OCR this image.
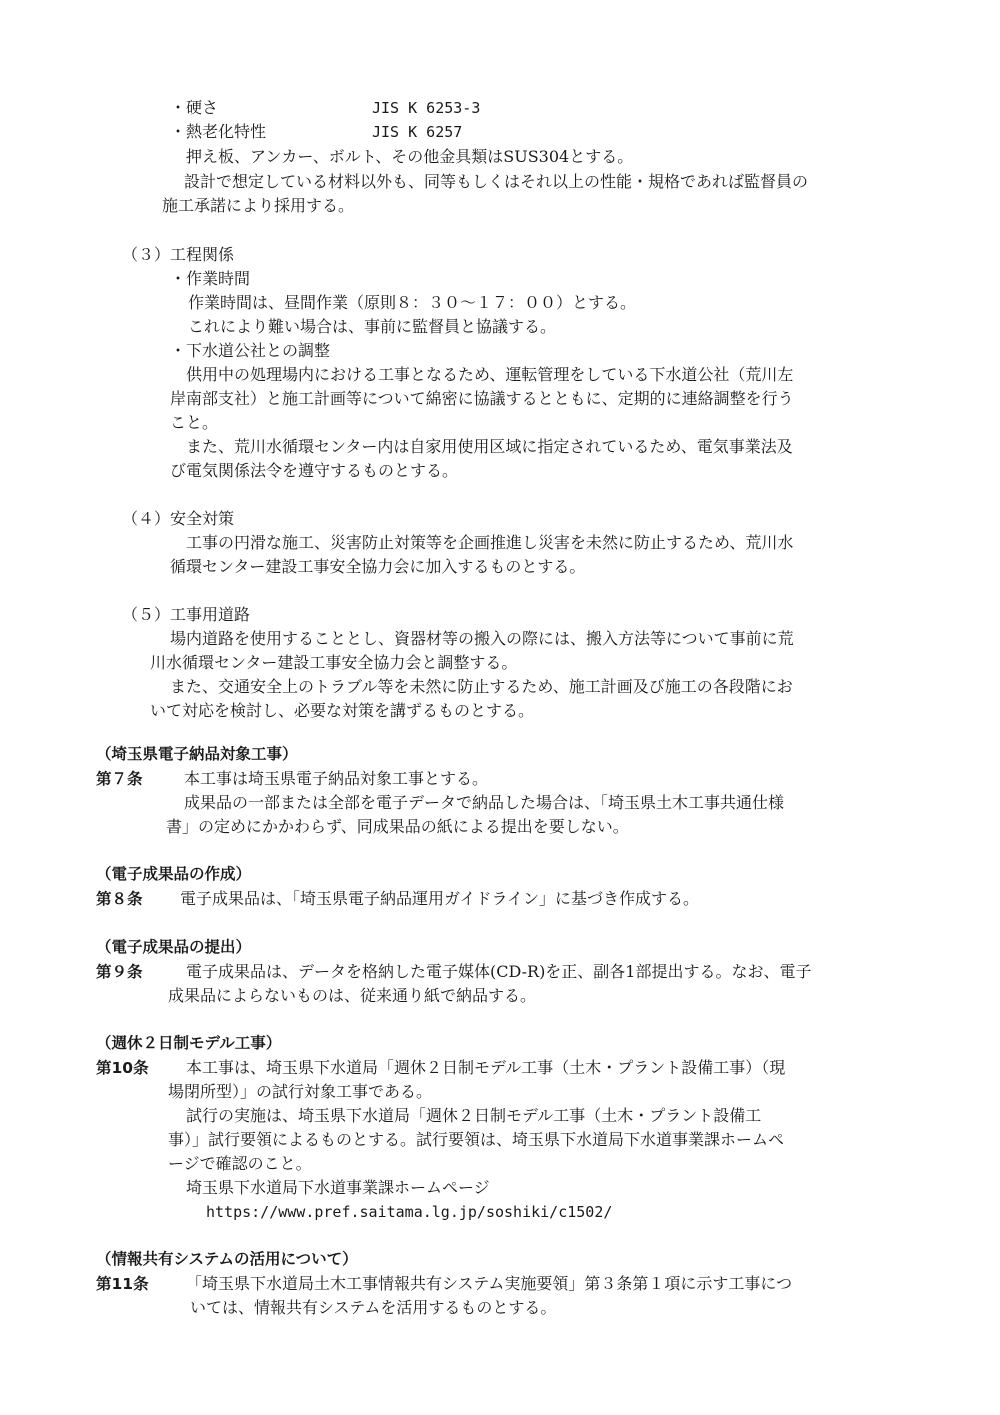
・硬さ	JIS K 6253-3
・熱老化特性	JIS K 6257
押え板、アンカー、ボルト、その他金具類はSUS304とする。
設計で想定している材料以外も、同等もしくはそれ以上の性能・規格であれば監督員の
施工承諾により採用する。
（３）工程関係
・作業時間
作業時間は、昼間作業（原則８：３０～１７：００）とする。
これにより難い場合は、事前に監督員と協議する。
・下水道公社との調整
供用中の処理場内における工事となるため、運転管理をしている下水道公社（荒川左
岸南部支社）と施工計画等について綿密に協議するとともに、定期的に連絡調整を行う
こと。
また、荒川水循環センター内は自家用使用区域に指定されているため、電気事業法及
び電気関係法令を遵守するものとする。
（４）安全対策
工事の円滑な施工、災害防止対策等を企画推進し災害を未然に防止するため、荒川水
循環センター建設工事安全協力会に加入するものとする。
（５）工事用道路
場内道路を使用することとし、資器材等の搬入の際には、搬入方法等について事前に荒
川水循環センター建設工事安全協力会と調整する。
また、交通安全上のトラブル等を未然に防止するため、施工計画及び施工の各段階にお
いて対応を検討し、必要な対策を講ずるものとする。
（埼玉県電子納品対象工事）
第７条	本工事は埼玉県電子納品対象工事とする。
成果品の一部または全部を電子データで納品した場合は、「埼玉県土木工事共通仕様
書」の定めにかかわらず、同成果品の紙による提出を要しない。
（電子成果品の作成）
第８条 電子成果品は、「埼玉県電子納品運用ガイドライン」に基づき作成する。
（電子成果品の提出）
第９条	電子成果品は、データを格納した電子媒体(CD-R)を正、副各1部提出する。なお、電子
成果品によらないものは、従来通り紙で納品する。
（週休２日制モデル工事）
第10条 本工事は、埼玉県下水道局「週休２日制モデル工事（土木・プラント設備工事）（現
場閉所型）」の試行対象工事である。
試行の実施は、埼玉県下水道局「週休２日制モデル工事（土木・プラント設備工
事）」試行要領によるものとする。試行要領は、埼玉県下水道局下水道事業課ホームペ
ージで確認のこと。
埼玉県下水道局下水道事業課ホームページ
https://www.pref.saitama.lg.jp/soshiki/c1502/
（情報共有システムの活用について）
第11条 「埼玉県下水道局土木工事情報共有システム実施要領」第３条第１項に示す工事につ
いては、情報共有システムを活用するものとする。
